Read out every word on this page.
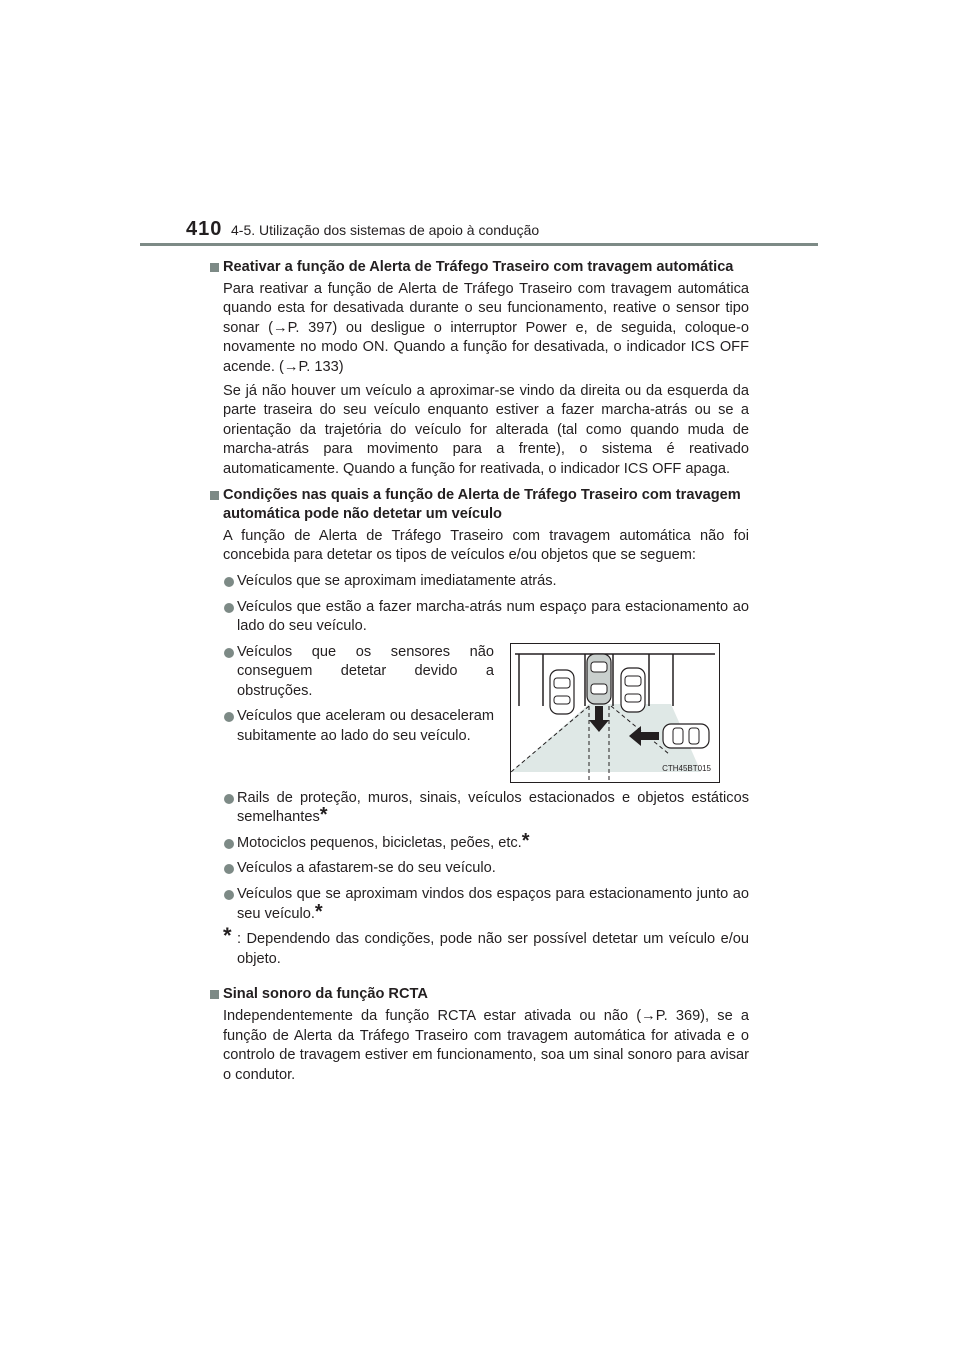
410 4-5. Utilização dos sistemas de apoio à condução
Reativar a função de Alerta de Tráfego Traseiro com travagem automática
Para reativar a função de Alerta de Tráfego Traseiro com travagem automática quando esta for desativada durante o seu funcionamento, reative o sensor tipo sonar (→P. 397) ou desligue o interruptor Power e, de seguida, coloque-o novamente no modo ON. Quando a função for desativada, o indicador ICS OFF acende. (→P. 133)
Se já não houver um veículo a aproximar-se vindo da direita ou da esquerda da parte traseira do seu veículo enquanto estiver a fazer marcha-atrás ou se a orientação da trajetória do veículo for alterada (tal como quando muda de marcha-atrás para movimento para a frente), o sistema é reativado automaticamente. Quando a função for reativada, o indicador ICS OFF apaga.
Condições nas quais a função de Alerta de Tráfego Traseiro com travagem automática pode não detetar um veículo
A função de Alerta de Tráfego Traseiro com travagem automática não foi concebida para detetar os tipos de veículos e/ou objetos que se seguem:
Veículos que se aproximam imediatamente atrás.
Veículos que estão a fazer marcha-atrás num espaço para estacionamento ao lado do seu veículo.
Veículos que os sensores não conseguem detetar devido a obstruções.
Veículos que aceleram ou desaceleram subitamente ao lado do seu veículo.
CTH45BT015
Rails de proteção, muros, sinais, veículos estacionados e objetos estáticos semelhantes*
Motociclos pequenos, bicicletas, peões, etc.*
Veículos a afastarem-se do seu veículo.
Veículos que se aproximam vindos dos espaços para estacionamento junto ao seu veículo.*
* : Dependendo das condições, pode não ser possível detetar um veículo e/ou objeto.
Sinal sonoro da função RCTA
Independentemente da função RCTA estar ativada ou não (→P. 369), se a função de Alerta da Tráfego Traseiro com travagem automática for ativada e o controlo de travagem estiver em funcionamento, soa um sinal sonoro para avisar o condutor.
